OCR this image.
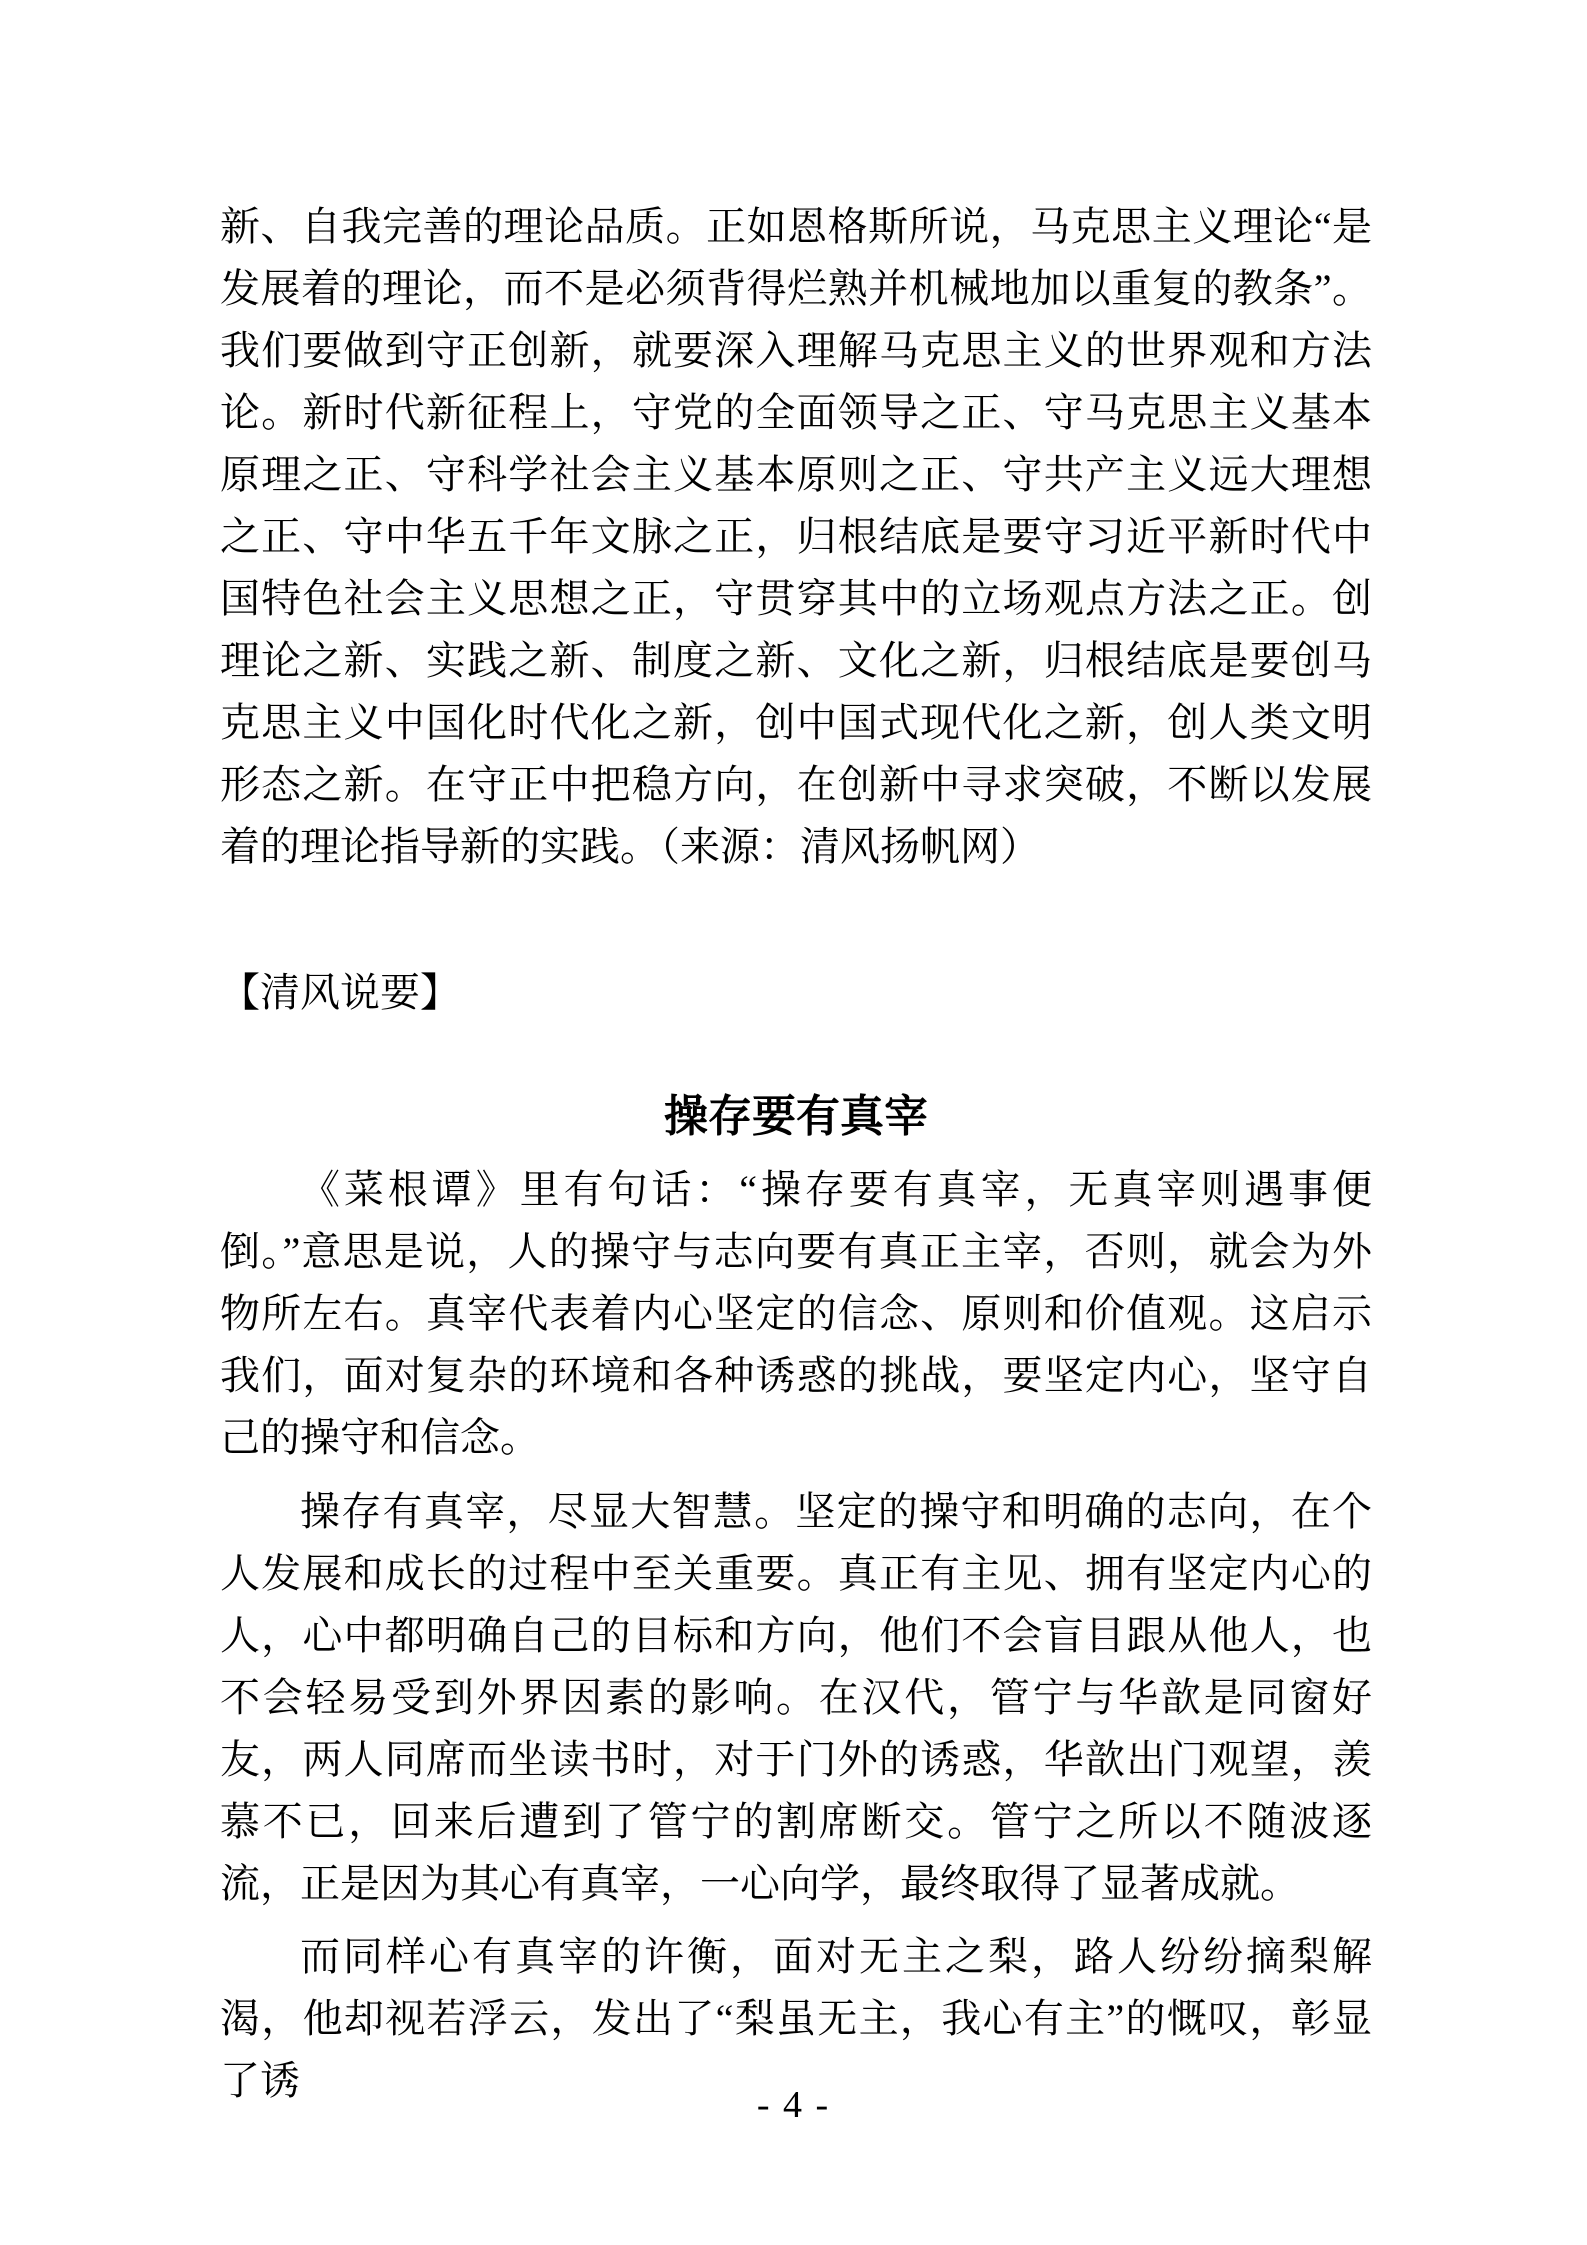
新、自我完善的理论品质。正如恩格斯所说，马克思主义理论“是发展着的理论，而不是必须背得烂熟并机械地加以重复的教条”。我们要做到守正创新，就要深入理解马克思主义的世界观和方法论。新时代新征程上，守党的全面领导之正、守马克思主义基本原理之正、守科学社会主义基本原则之正、守共产主义远大理想之正、守中华五千年文脉之正，归根结底是要守习近平新时代中国特色社会主义思想之正，守贯穿其中的立场观点方法之正。创理论之新、实践之新、制度之新、文化之新，归根结底是要创马克思主义中国化时代化之新，创中国式现代化之新，创人类文明形态之新。在守正中把稳方向，在创新中寻求突破，不断以发展着的理论指导新的实践。（来源：清风扬帆网）

【清风说要】

操存要有真宰

《菜根谭》里有句话：“操存要有真宰，无真宰则遇事便倒。”意思是说，人的操守与志向要有真正主宰，否则，就会为外物所左右。真宰代表着内心坚定的信念、原则和价值观。这启示我们，面对复杂的环境和各种诱惑的挑战，要坚定内心，坚守自己的操守和信念。

操存有真宰，尽显大智慧。坚定的操守和明确的志向，在个人发展和成长的过程中至关重要。真正有主见、拥有坚定内心的人，心中都明确自己的目标和方向，他们不会盲目跟从他人，也不会轻易受到外界因素的影响。在汉代，管宁与华歆是同窗好友，两人同席而坐读书时，对于门外的诱惑，华歆出门观望，羡慕不已，回来后遭到了管宁的割席断交。管宁之所以不随波逐流，正是因为其心有真宰，一心向学，最终取得了显著成就。

而同样心有真宰的许衡，面对无主之梨，路人纷纷摘梨解渴，他却视若浮云，发出了“梨虽无主，我心有主”的慨叹，彰显了诱

- 4 -
